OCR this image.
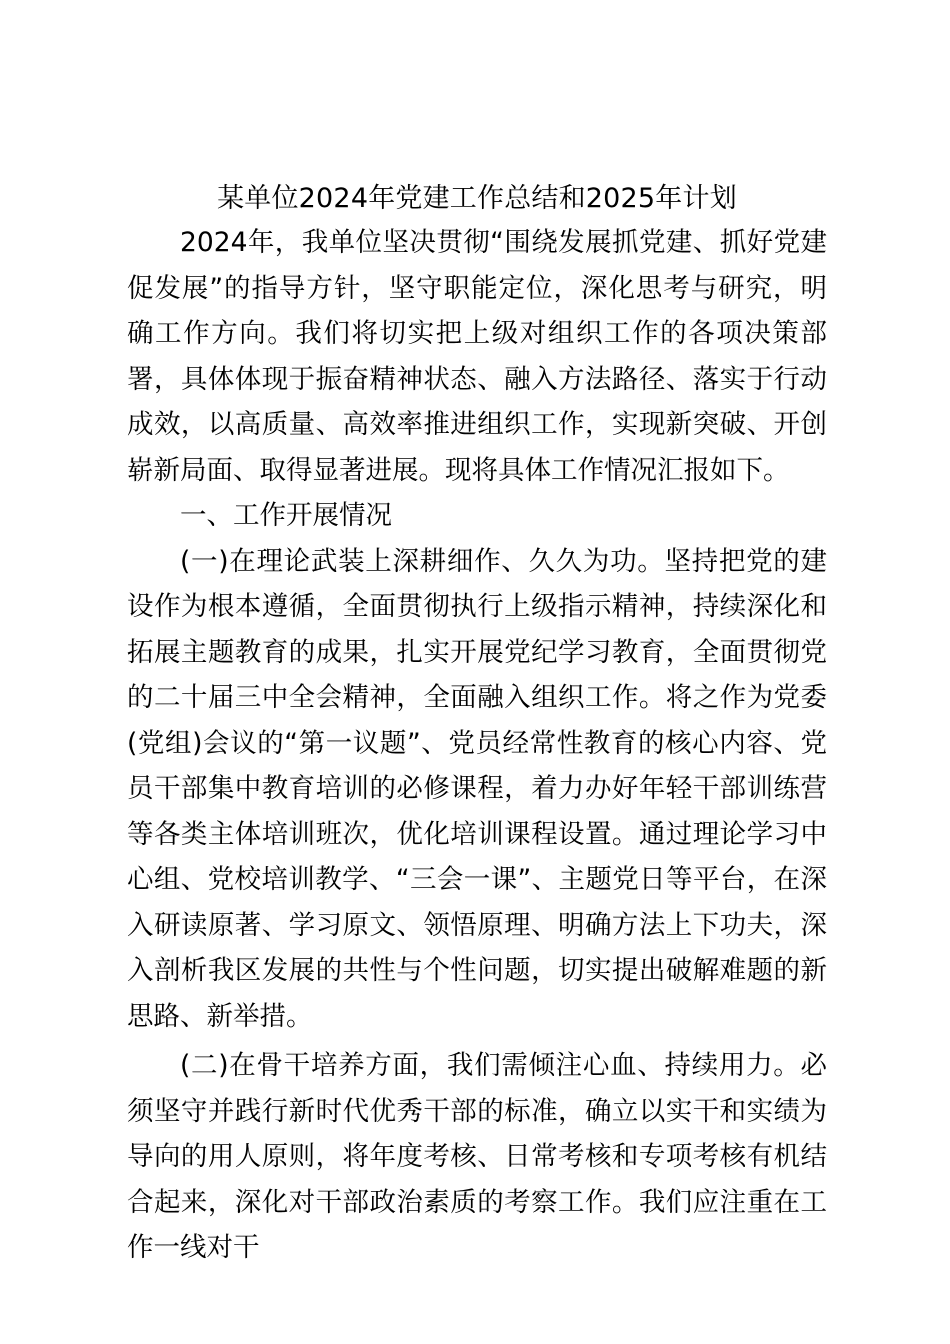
某单位2024年党建工作总结和2025年计划

2024年，我单位坚决贯彻“围绕发展抓党建、抓好党建促发展”的指导方针，坚守职能定位，深化思考与研究，明确工作方向。我们将切实把上级对组织工作的各项决策部署，具体体现于振奋精神状态、融入方法路径、落实于行动成效，以高质量、高效率推进组织工作，实现新突破、开创崭新局面、取得显著进展。现将具体工作情况汇报如下。

一、工作开展情况

(一)在理论武装上深耕细作、久久为功。坚持把党的建设作为根本遵循，全面贯彻执行上级指示精神，持续深化和拓展主题教育的成果，扎实开展党纪学习教育，全面贯彻党的二十届三中全会精神，全面融入组织工作。将之作为党委(党组)会议的“第一议题”、党员经常性教育的核心内容、党员干部集中教育培训的必修课程，着力办好年轻干部训练营等各类主体培训班次，优化培训课程设置。通过理论学习中心组、党校培训教学、“三会一课”、主题党日等平台，在深入研读原著、学习原文、领悟原理、明确方法上下功夫，深入剖析我区发展的共性与个性问题，切实提出破解难题的新思路、新举措。

(二)在骨干培养方面，我们需倾注心血、持续用力。必须坚守并践行新时代优秀干部的标准，确立以实干和实绩为导向的用人原则，将年度考核、日常考核和专项考核有机结合起来，深化对干部政治素质的考察工作。我们应注重在工作一线对干
